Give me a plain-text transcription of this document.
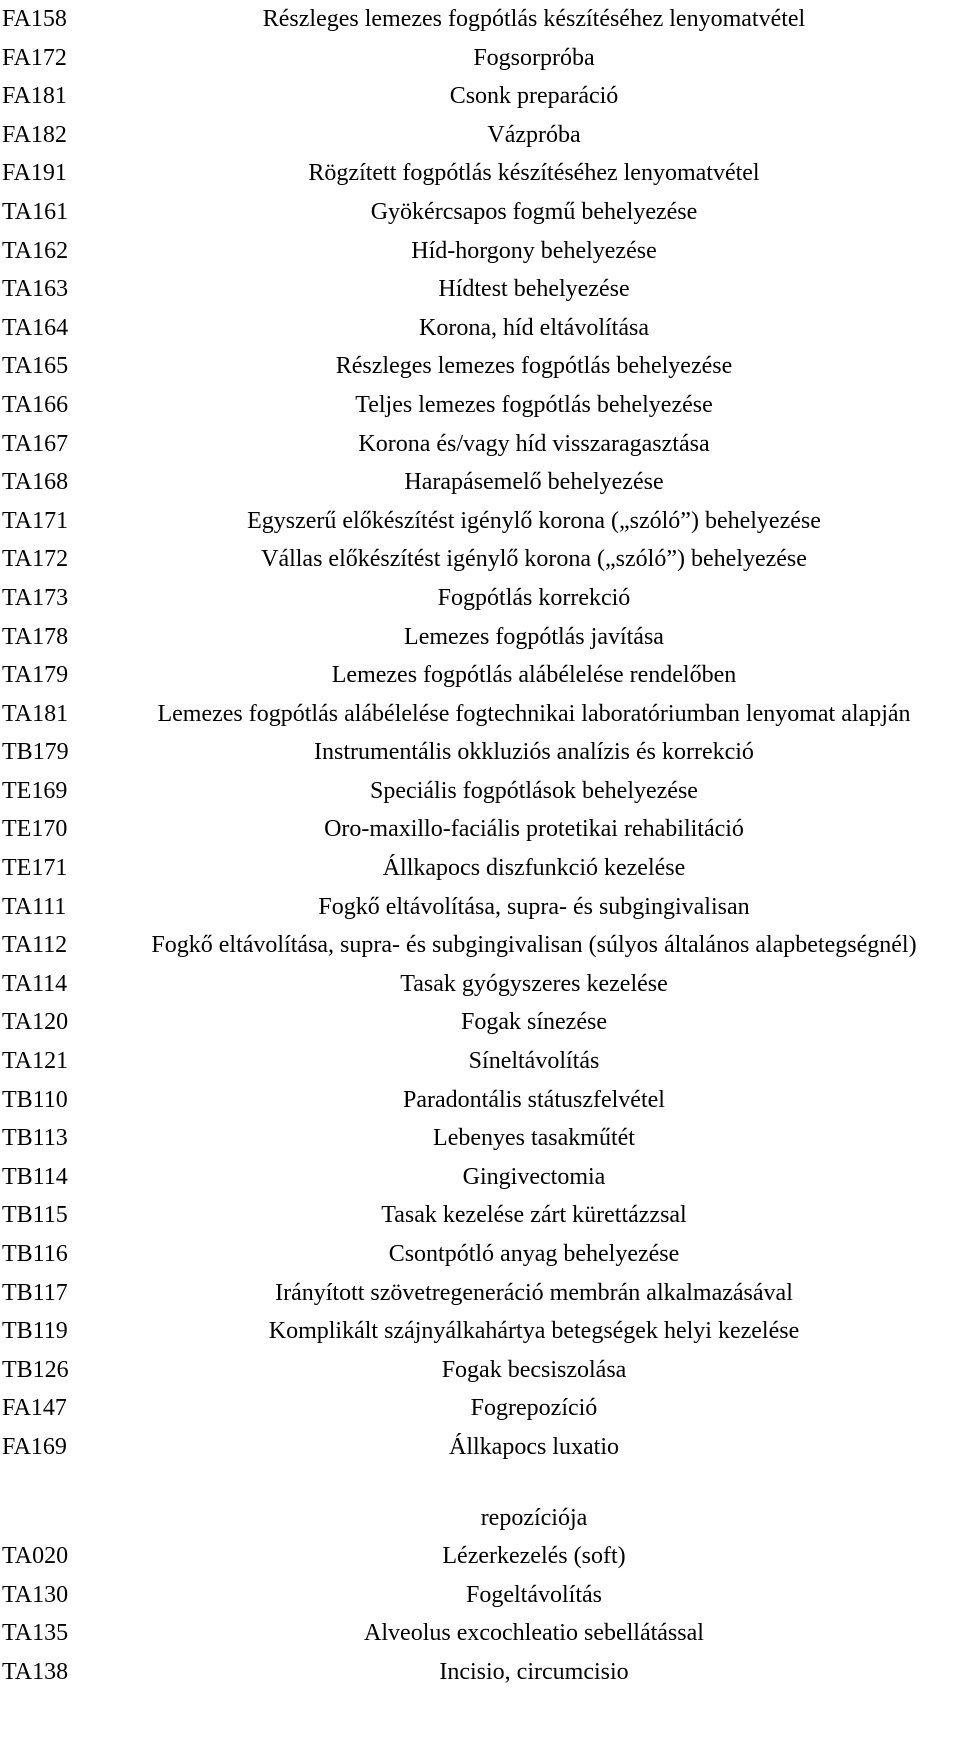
FA158	Részleges lemezes fogpótlás készítéséhez lenyomatvétel
FA172	Fogsorpróba
FA181	Csonk preparáció
FA182	Vázpróba
FA191	Rögzített fogpótlás készítéséhez lenyomatvétel
TA161	Gyökércsapos fogmű behelyezése
TA162	Híd-horgony behelyezése
TA163	Hídtest behelyezése
TA164	Korona, híd eltávolítása
TA165	Részleges lemezes fogpótlás behelyezése
TA166	Teljes lemezes fogpótlás behelyezése
TA167	Korona és/vagy híd visszaragasztása
TA168	Harapásemelő behelyezése
TA171	Egyszerű előkészítést igénylő korona („szóló”) behelyezése
TA172	Vállas előkészítést igénylő korona („szóló”) behelyezése
TA173	Fogpótlás korrekció
TA178	Lemezes fogpótlás javítása
TA179	Lemezes fogpótlás alábélelése rendelőben
TA181	Lemezes fogpótlás alábélelése fogtechnikai laboratóriumban lenyomat alapján
TB179	Instrumentális okkluziós analízis és korrekció
TE169	Speciális fogpótlások behelyezése
TE170	Oro-maxillo-faciális protetikai rehabilitáció
TE171	Állkapocs diszfunkció kezelése
TA111	Fogkő eltávolítása, supra- és subgingivalisan
TA112	Fogkő eltávolítása, supra- és subgingivalisan (súlyos általános alapbetegségnél)
TA114	Tasak gyógyszeres kezelése
TA120	Fogak sínezése
TA121	Síneltávolítás
TB110	Paradontális státuszfelvétel
TB113	Lebenyes tasakműtét
TB114	Gingivectomia
TB115	Tasak kezelése zárt kürettázzsal
TB116	Csontpótló anyag behelyezése
TB117	Irányított szövetregeneráció membrán alkalmazásával
TB119	Komplikált szájnyálkahártya betegségek helyi kezelése
TB126	Fogak becsiszolása
FA147	Fogrepozíció
FA169	Állkapocs luxatio
repozíciója
TA020	Lézerkezelés (soft)
TA130	Fogeltávolítás
TA135	Alveolus excochleatio sebellátással
TA138	Incisio, circumcisio
